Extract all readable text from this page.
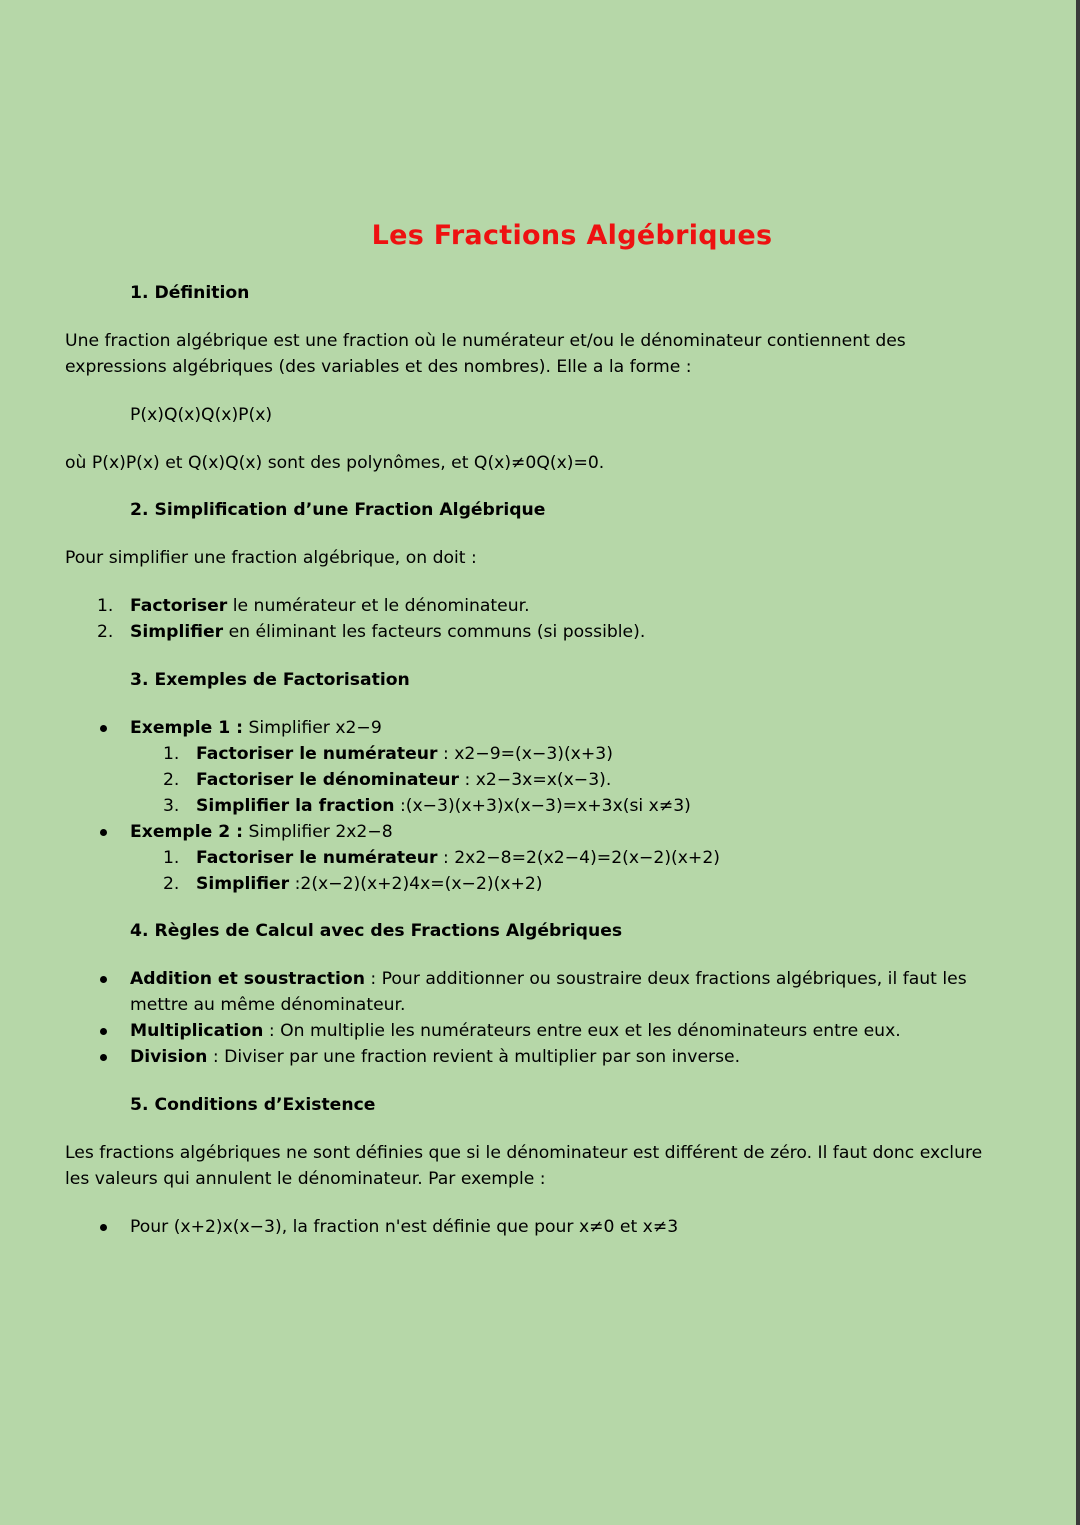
Les Fractions Algébriques
1. Définition
Une fraction algébrique est une fraction où le numérateur et/ou le dénominateur contiennent des
expressions algébriques (des variables et des nombres). Elle a la forme :
P(x)Q(x)Q(x)P(x)
où P(x)P(x) et Q(x)Q(x) sont des polynômes, et Q(x)≠0Q(x)=0.
2. Simplification d’une Fraction Algébrique
Pour simplifier une fraction algébrique, on doit :
1. Factoriser le numérateur et le dénominateur.
2. Simplifier en éliminant les facteurs communs (si possible).
3. Exemples de Factorisation
Exemple 1 : Simplifier x2−9
1. Factoriser le numérateur : x2−9=(x−3)(x+3)
2. Factoriser le dénominateur : x2−3x=x(x−3).
3. Simplifier la fraction :(x−3)(x+3)x(x−3)=x+3x(si x≠3)
Exemple 2 : Simplifier 2x2−8
1. Factoriser le numérateur : 2x2−8=2(x2−4)=2(x−2)(x+2)
2. Simplifier :2(x−2)(x+2)4x=(x−2)(x+2)
4. Règles de Calcul avec des Fractions Algébriques
Addition et soustraction : Pour additionner ou soustraire deux fractions algébriques, il faut les
mettre au même dénominateur.
Multiplication : On multiplie les numérateurs entre eux et les dénominateurs entre eux.
Division : Diviser par une fraction revient à multiplier par son inverse.
5. Conditions d’Existence
Les fractions algébriques ne sont définies que si le dénominateur est différent de zéro. Il faut donc exclure
les valeurs qui annulent le dénominateur. Par exemple :
Pour (x+2)x(x−3), la fraction n'est définie que pour x≠0 et x≠3
